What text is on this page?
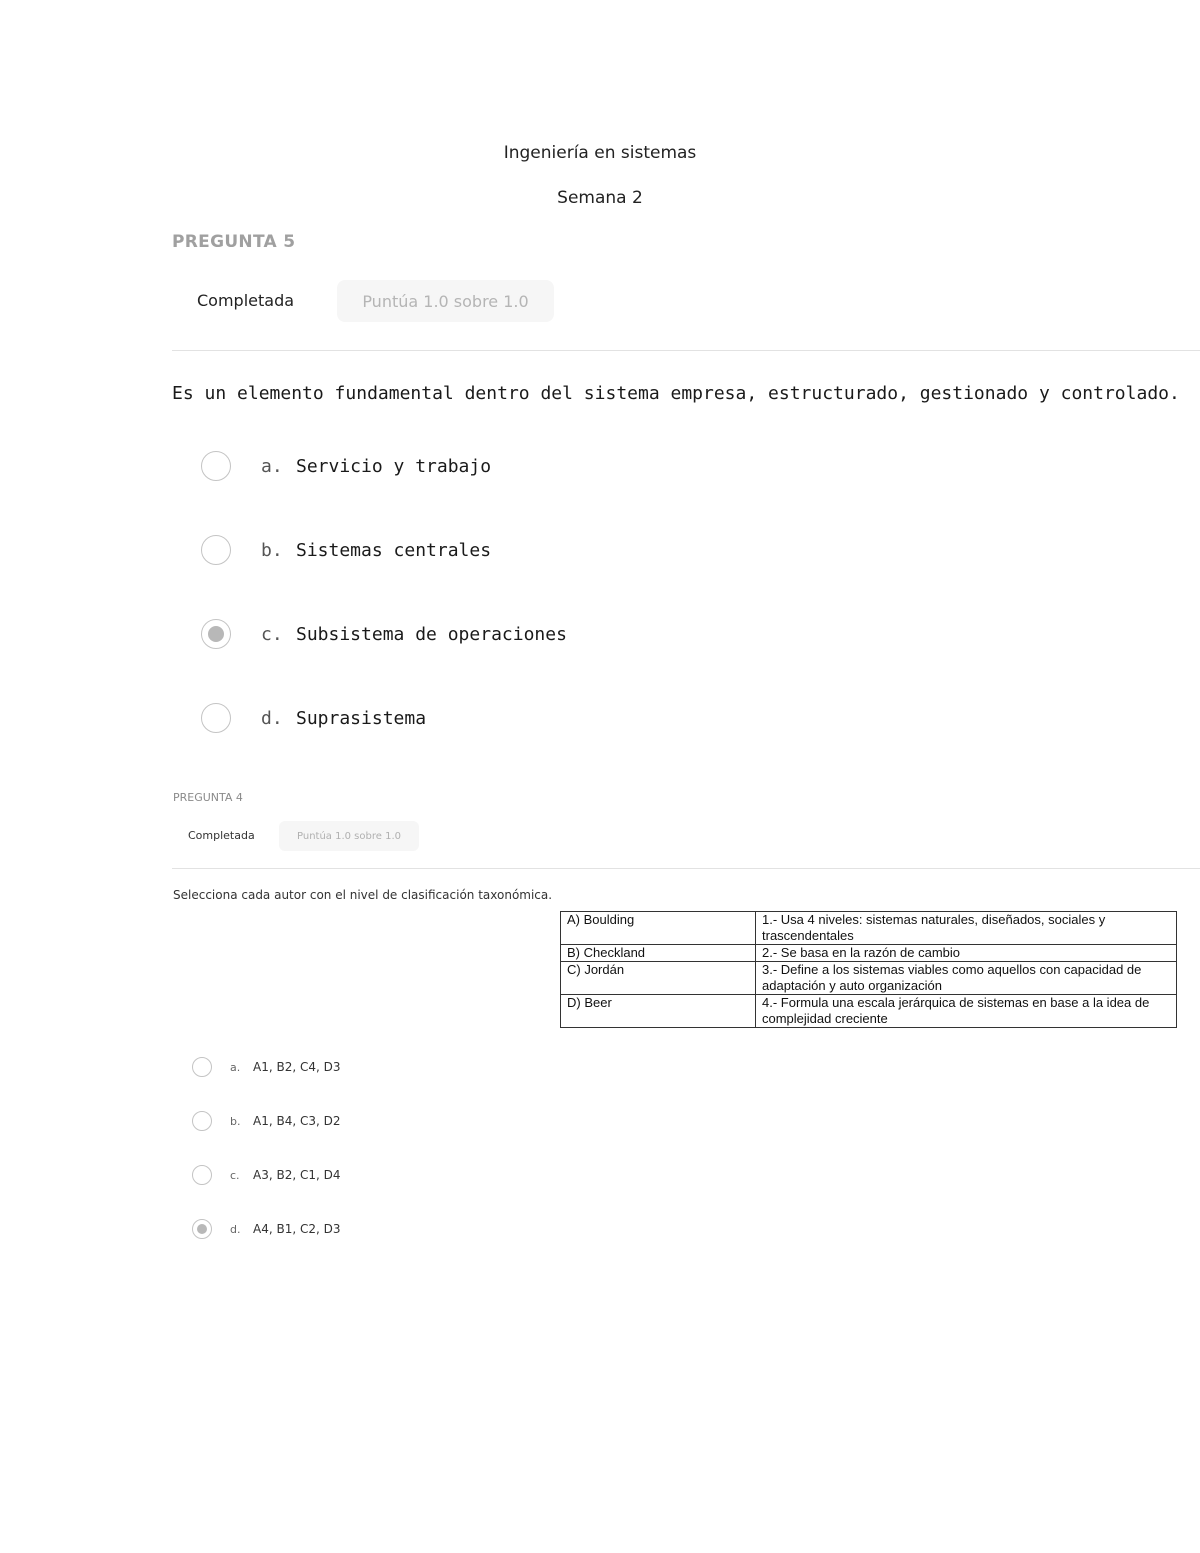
Ingeniería en sistemas
Semana 2
PREGUNTA 5
Completada	Puntúa 1.0 sobre 1.0
Es un elemento fundamental dentro del sistema empresa, estructurado, gestionado y controlado.
a. Servicio y trabajo
b. Sistemas centrales
c. Subsistema de operaciones
d. Suprasistema
PREGUNTA 4
Completada	Puntúa 1.0 sobre 1.0
Selecciona cada autor con el nivel de clasificación taxonómica.
A) Boulding	1.- Usa 4 niveles: sistemas naturales, diseñados, sociales y trascendentales
B) Checkland	2.- Se basa en la razón de cambio
C) Jordán	3.- Define a los sistemas viables como aquellos con capacidad de adaptación y auto organización
D) Beer	4.- Formula una escala jerárquica de sistemas en base a la idea de complejidad creciente
a. A1, B2, C4, D3
b. A1, B4, C3, D2
c. A3, B2, C1, D4
d. A4, B1, C2, D3
